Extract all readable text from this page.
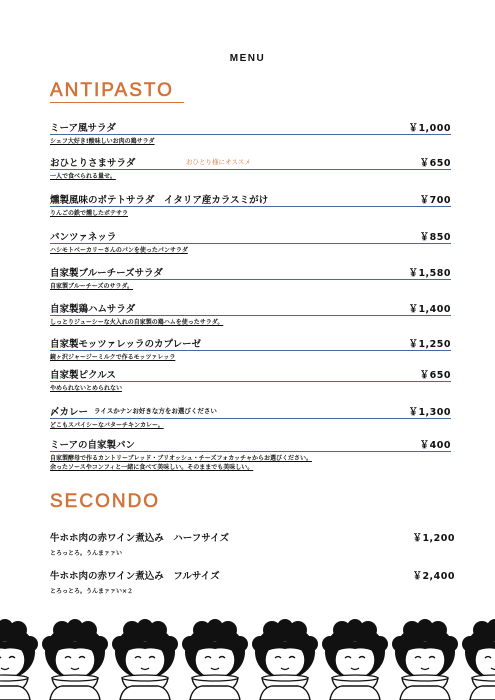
MENU
ANTIPASTO
ミーア風サラダ	￥1,000
シェフ大好き!酸味しいお肉の鶏サラダ
おひとりさまサラダ	おひとり様にオススメ	￥650
一人で食べられる量せ。
燻製風味のポテトサラダ　イタリア産カラスミがけ	￥700
りんごの鉄で燻したポテサラ
パンツァネッラ	￥850
ハシモトベーカリーさんのパンを使ったパンサラダ
自家製ブルーチーズサラダ	￥1,580
自家製ブルーチーズのサラダ。
自家製鶏ハムサラダ	￥1,400
しっとりジューシーな火入れの自家製の鶏ハムを使ったサラダ。
自家製モッツァレッラのカプレーゼ	￥1,250
鏡ヶ沢ジャージーミルクで作るモッツァレッラ
自家製ピクルス	￥650
やめられないとめられない
〆カレー ライスかナンお好きな方をお選びください	￥1,300
どこもスパイシーなバターチキンカレー。
ミーアの自家製パン	￥400
自家製酵母で作るカントリーブレッド・ブリオッシュ・チーズフォカッチャからお選びください。
余ったソースやコンフィと一緒に食べて美味しい。そのままでも美味しい。
SECONDO
牛ホホ肉の赤ワイン煮込み　ハーフサイズ	￥1,200
とろっとろ。うんまァァい
牛ホホ肉の赤ワイン煮込み　フルサイズ	￥2,400
とろっとろ。うんまァァい×２
